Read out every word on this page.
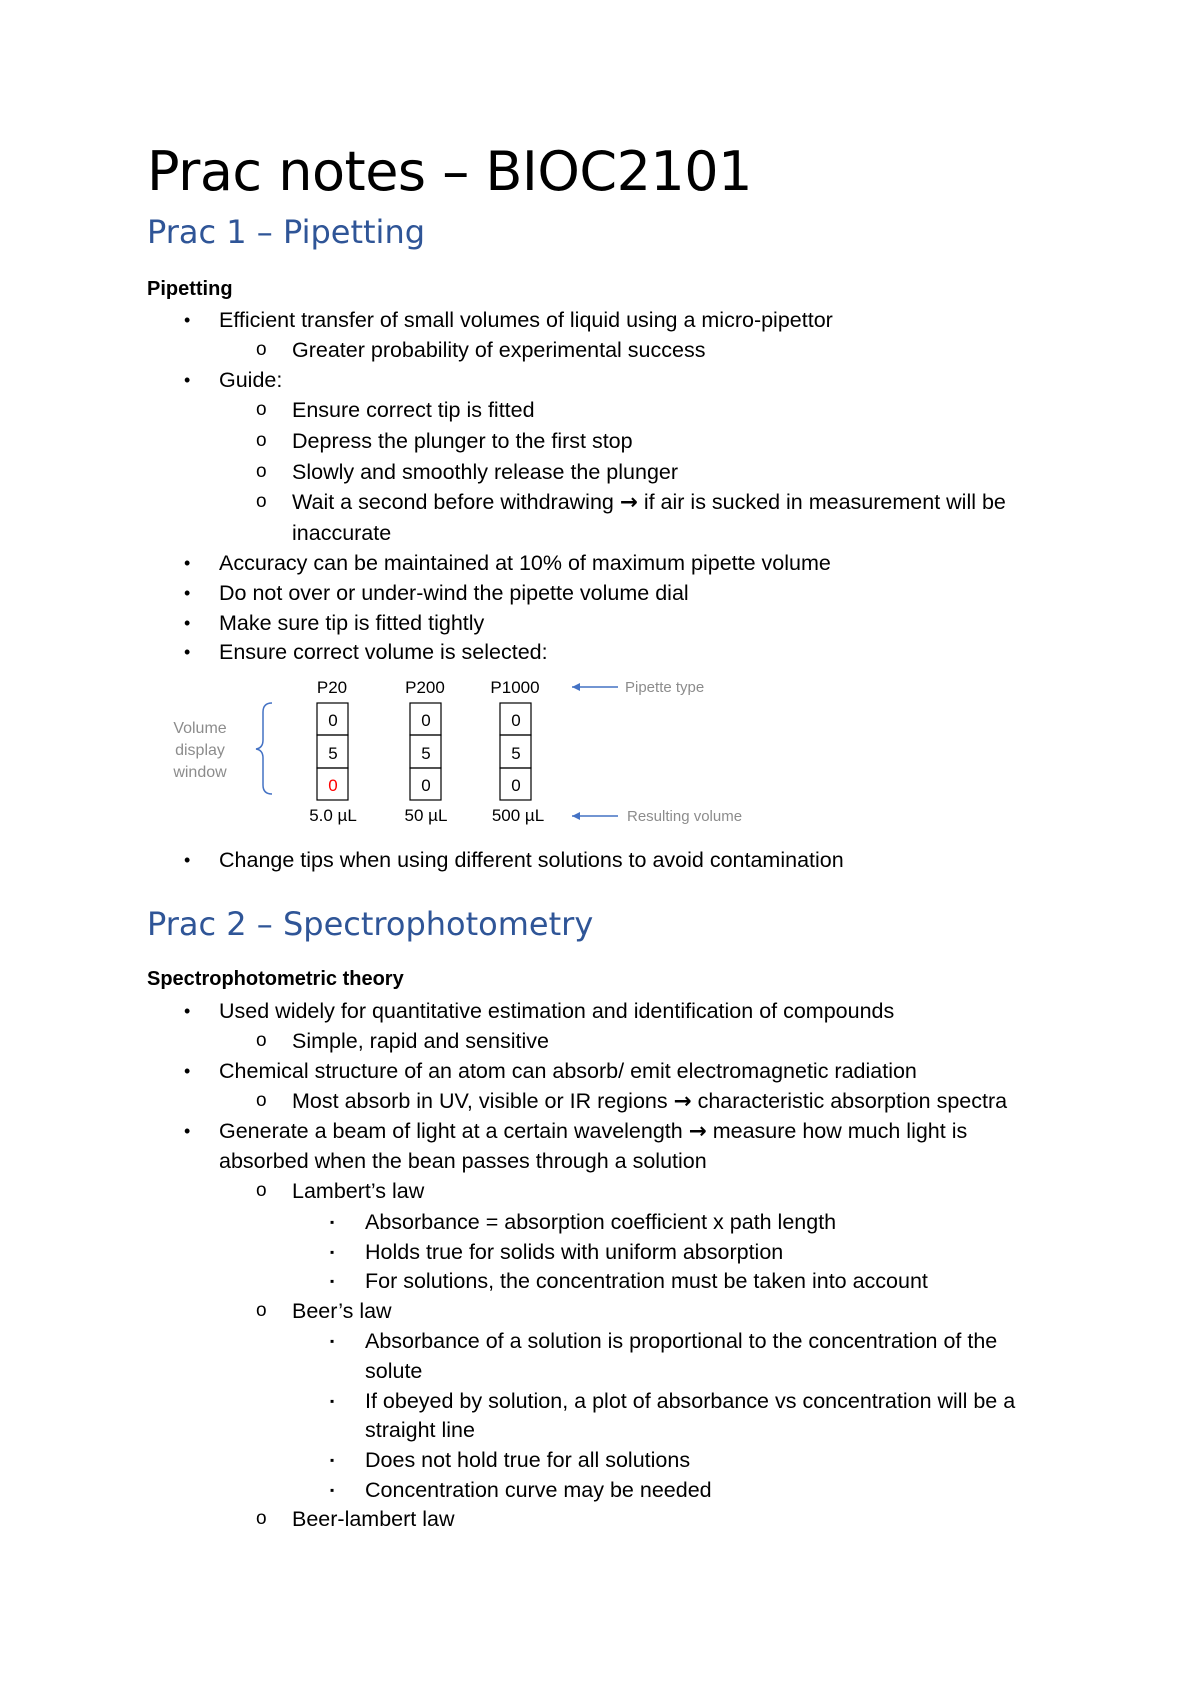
Prac notes – BIOC2101
Prac 1 – Pipetting
Pipetting
• Efficient transfer of small volumes of liquid using a micro-pipettor

o Greater probability of experimental success

• Guide:

o Ensure correct tip is fitted

o Depress the plunger to the first stop

o Slowly and smoothly release the plunger

o Wait a second before withdrawing → if air is sucked in measurement will be

inaccurate

• Accuracy can be maintained at 10% of maximum pipette volume

• Do not over or under-wind the pipette volume dial

• Make sure tip is fitted tightly

• Ensure correct volume is selected:

Volume
display
window
P20	P200	P1000	Pipette type
0
5
0
0
5
0
0
5
0
5.0 µL	50 µL	500 µL	Resulting volume
• Change tips when using different solutions to avoid contamination

Prac 2 – Spectrophotometry
Spectrophotometric theory
• Used widely for quantitative estimation and identification of compounds

o Simple, rapid and sensitive

• Chemical structure of an atom can absorb/ emit electromagnetic radiation

o Most absorb in UV, visible or IR regions → characteristic absorption spectra

• Generate a beam of light at a certain wavelength → measure how much light is

absorbed when the bean passes through a solution

o Lambert’s law

▪ Absorbance = absorption coefficient x path length

▪ Holds true for solids with uniform absorption

▪ For solutions, the concentration must be taken into account

o Beer’s law

▪ Absorbance of a solution is proportional to the concentration of the

solute

▪ If obeyed by solution, a plot of absorbance vs concentration will be a

straight line

▪ Does not hold true for all solutions

▪ Concentration curve may be needed

o Beer-lambert law
